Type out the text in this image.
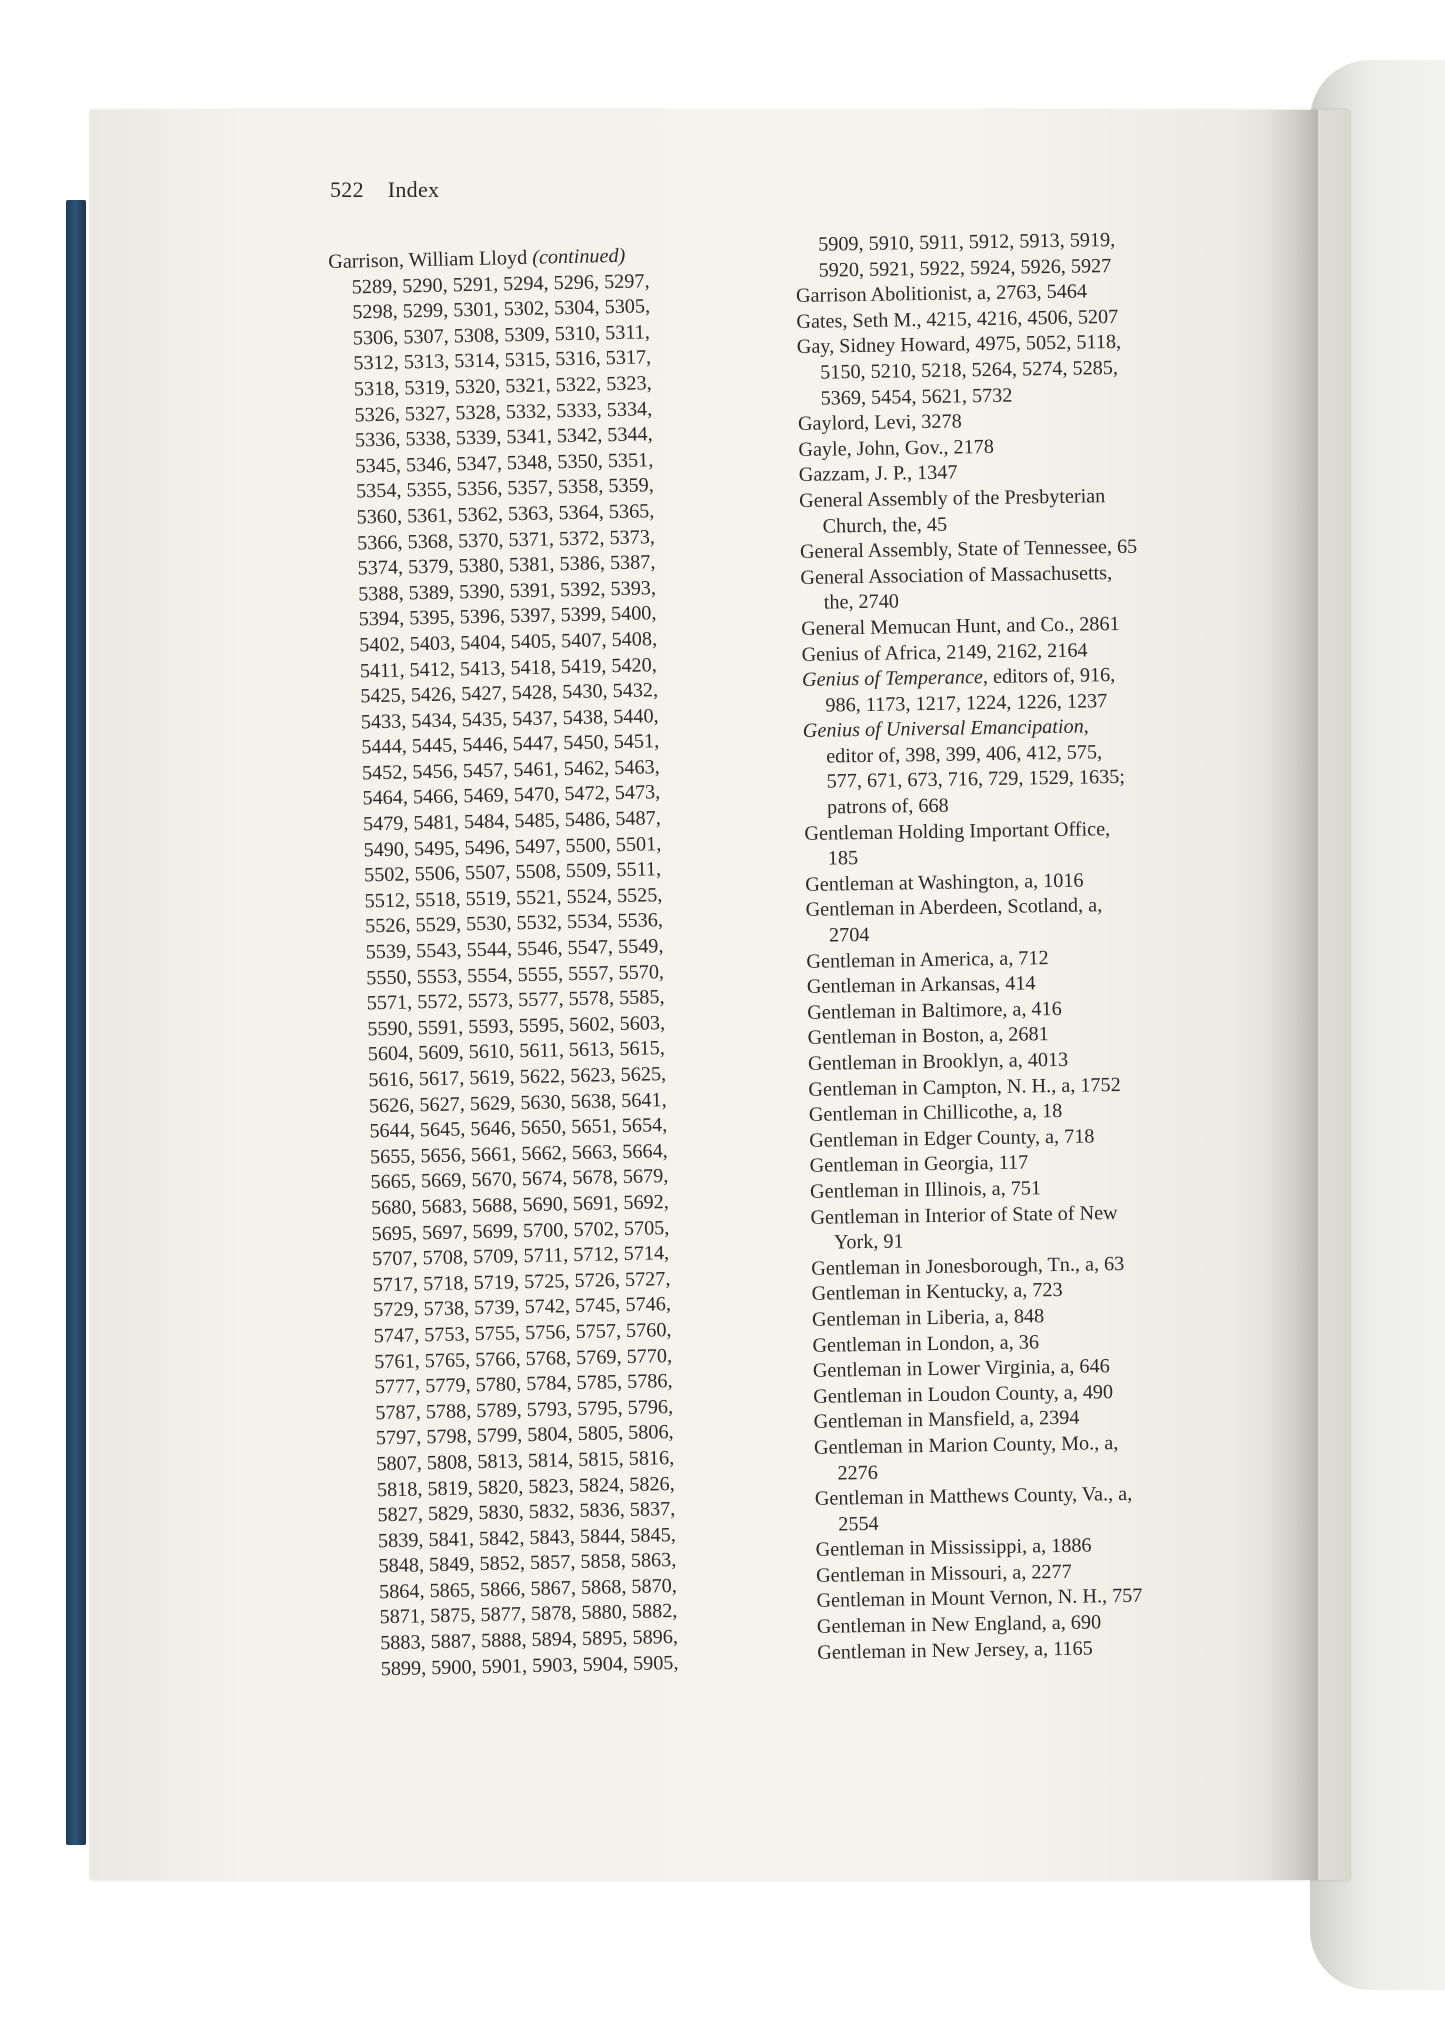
522 Index
Garrison, William Lloyd (continued)
5289, 5290, 5291, 5294, 5296, 5297,
5298, 5299, 5301, 5302, 5304, 5305,
5306, 5307, 5308, 5309, 5310, 5311,
5312, 5313, 5314, 5315, 5316, 5317,
5318, 5319, 5320, 5321, 5322, 5323,
5326, 5327, 5328, 5332, 5333, 5334,
5336, 5338, 5339, 5341, 5342, 5344,
5345, 5346, 5347, 5348, 5350, 5351,
5354, 5355, 5356, 5357, 5358, 5359,
5360, 5361, 5362, 5363, 5364, 5365,
5366, 5368, 5370, 5371, 5372, 5373,
5374, 5379, 5380, 5381, 5386, 5387,
5388, 5389, 5390, 5391, 5392, 5393,
5394, 5395, 5396, 5397, 5399, 5400,
5402, 5403, 5404, 5405, 5407, 5408,
5411, 5412, 5413, 5418, 5419, 5420,
5425, 5426, 5427, 5428, 5430, 5432,
5433, 5434, 5435, 5437, 5438, 5440,
5444, 5445, 5446, 5447, 5450, 5451,
5452, 5456, 5457, 5461, 5462, 5463,
5464, 5466, 5469, 5470, 5472, 5473,
5479, 5481, 5484, 5485, 5486, 5487,
5490, 5495, 5496, 5497, 5500, 5501,
5502, 5506, 5507, 5508, 5509, 5511,
5512, 5518, 5519, 5521, 5524, 5525,
5526, 5529, 5530, 5532, 5534, 5536,
5539, 5543, 5544, 5546, 5547, 5549,
5550, 5553, 5554, 5555, 5557, 5570,
5571, 5572, 5573, 5577, 5578, 5585,
5590, 5591, 5593, 5595, 5602, 5603,
5604, 5609, 5610, 5611, 5613, 5615,
5616, 5617, 5619, 5622, 5623, 5625,
5626, 5627, 5629, 5630, 5638, 5641,
5644, 5645, 5646, 5650, 5651, 5654,
5655, 5656, 5661, 5662, 5663, 5664,
5665, 5669, 5670, 5674, 5678, 5679,
5680, 5683, 5688, 5690, 5691, 5692,
5695, 5697, 5699, 5700, 5702, 5705,
5707, 5708, 5709, 5711, 5712, 5714,
5717, 5718, 5719, 5725, 5726, 5727,
5729, 5738, 5739, 5742, 5745, 5746,
5747, 5753, 5755, 5756, 5757, 5760,
5761, 5765, 5766, 5768, 5769, 5770,
5777, 5779, 5780, 5784, 5785, 5786,
5787, 5788, 5789, 5793, 5795, 5796,
5797, 5798, 5799, 5804, 5805, 5806,
5807, 5808, 5813, 5814, 5815, 5816,
5818, 5819, 5820, 5823, 5824, 5826,
5827, 5829, 5830, 5832, 5836, 5837,
5839, 5841, 5842, 5843, 5844, 5845,
5848, 5849, 5852, 5857, 5858, 5863,
5864, 5865, 5866, 5867, 5868, 5870,
5871, 5875, 5877, 5878, 5880, 5882,
5883, 5887, 5888, 5894, 5895, 5896,
5899, 5900, 5901, 5903, 5904, 5905,
5909, 5910, 5911, 5912, 5913, 5919,
5920, 5921, 5922, 5924, 5926, 5927
Garrison Abolitionist, a, 2763, 5464
Gates, Seth M., 4215, 4216, 4506, 5207
Gay, Sidney Howard, 4975, 5052, 5118,
5150, 5210, 5218, 5264, 5274, 5285,
5369, 5454, 5621, 5732
Gaylord, Levi, 3278
Gayle, John, Gov., 2178
Gazzam, J. P., 1347
General Assembly of the Presbyterian
Church, the, 45
General Assembly, State of Tennessee, 65
General Association of Massachusetts,
the, 2740
General Memucan Hunt, and Co., 2861
Genius of Africa, 2149, 2162, 2164
Genius of Temperance, editors of, 916,
986, 1173, 1217, 1224, 1226, 1237
Genius of Universal Emancipation,
editor of, 398, 399, 406, 412, 575,
577, 671, 673, 716, 729, 1529, 1635;
patrons of, 668
Gentleman Holding Important Office,
185
Gentleman at Washington, a, 1016
Gentleman in Aberdeen, Scotland, a,
2704
Gentleman in America, a, 712
Gentleman in Arkansas, 414
Gentleman in Baltimore, a, 416
Gentleman in Boston, a, 2681
Gentleman in Brooklyn, a, 4013
Gentleman in Campton, N. H., a, 1752
Gentleman in Chillicothe, a, 18
Gentleman in Edger County, a, 718
Gentleman in Georgia, 117
Gentleman in Illinois, a, 751
Gentleman in Interior of State of New
York, 91
Gentleman in Jonesborough, Tn., a, 63
Gentleman in Kentucky, a, 723
Gentleman in Liberia, a, 848
Gentleman in London, a, 36
Gentleman in Lower Virginia, a, 646
Gentleman in Loudon County, a, 490
Gentleman in Mansfield, a, 2394
Gentleman in Marion County, Mo., a,
2276
Gentleman in Matthews County, Va., a,
2554
Gentleman in Mississippi, a, 1886
Gentleman in Missouri, a, 2277
Gentleman in Mount Vernon, N. H., 757
Gentleman in New England, a, 690
Gentleman in New Jersey, a, 1165
